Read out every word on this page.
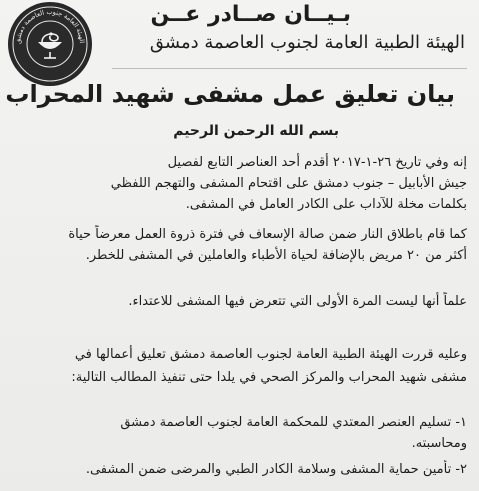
الهيئة العامة جنوب العاصمة دمشق
بـيــان صــادر عــن
الهيئة الطبية العامة لجنوب العاصمة دمشق
بيان تعليق عمل مشفى شهيد المحراب
بسم الله الرحمن الرحيم
إنه وفي تاريخ ٢٦-١-٢٠١٧ أقدم أحد العناصر التابع لفصيل
جيش الأبابيل – جنوب دمشق على اقتحام المشفى والتهجم اللفظي
بكلمات مخلة للآداب على الكادر العامل في المشفى.
كما قام باطلاق النار ضمن صالة الإسعاف في فترة ذروة العمل معرضاً حياة
أكثر من ٢٠ مريض بالإضافة لحياة الأطباء والعاملين في المشفى للخطر.
علماً أنها ليست المرة الأولى التي تتعرض فيها المشفى للاعتداء.
وعليه قررت الهيئة الطبية العامة لجنوب العاصمة دمشق تعليق أعمالها في
مشفى شهيد المحراب والمركز الصحي في يلدا حتى تنفيذ المطالب التالية:
١- تسليم العنصر المعتدي للمحكمة العامة لجنوب العاصمة دمشق
ومحاسبته.
٢- تأمين حماية المشفى وسلامة الكادر الطبي والمرضى ضمن المشفى.
